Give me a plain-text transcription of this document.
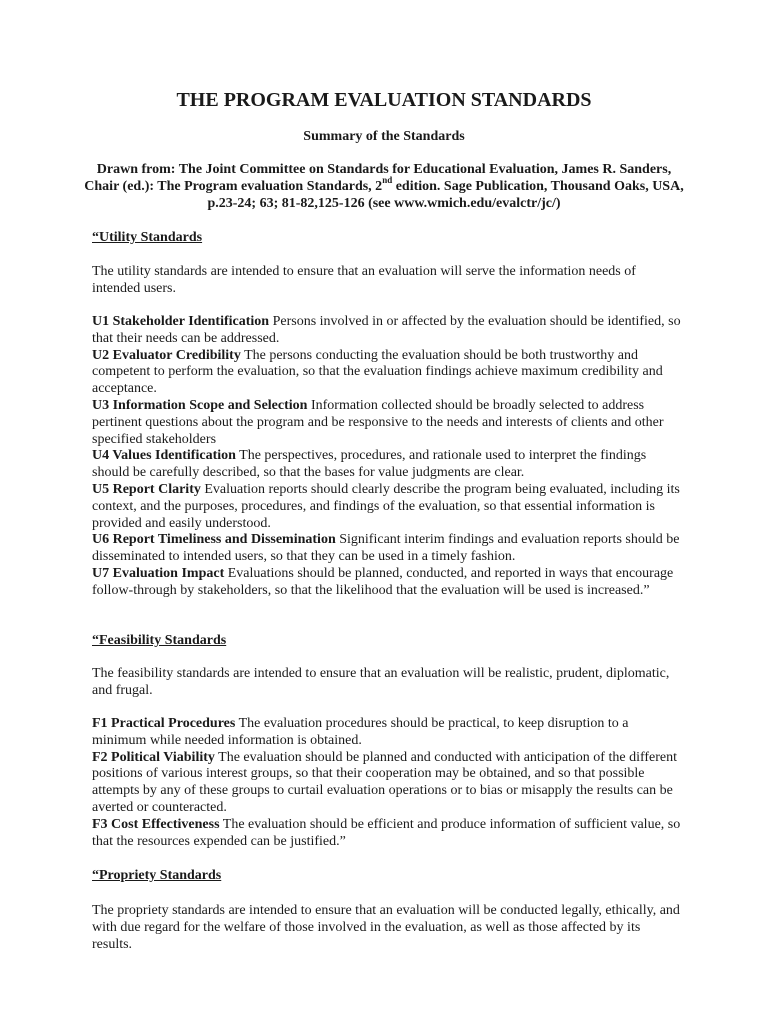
THE PROGRAM EVALUATION STANDARDS
Summary of the Standards
Drawn from: The Joint Committee on Standards for Educational Evaluation, James R. Sanders, Chair (ed.): The Program evaluation Standards, 2nd edition. Sage Publication, Thousand Oaks, USA, p.23-24; 63; 81-82,125-126 (see www.wmich.edu/evalctr/jc/)
“Utility Standards
The utility standards are intended to ensure that an evaluation will serve the information needs of intended users.

U1 Stakeholder Identification Persons involved in or affected by the evaluation should be identified, so that their needs can be addressed.

U2 Evaluator Credibility The persons conducting the evaluation should be both trustworthy and competent to perform the evaluation, so that the evaluation findings achieve maximum credibility and acceptance.

U3 Information Scope and Selection Information collected should be broadly selected to address pertinent questions about the program and be responsive to the needs and interests of clients and other specified stakeholders

U4 Values Identification The perspectives, procedures, and rationale used to interpret the findings should be carefully described, so that the bases for value judgments are clear.

U5 Report Clarity Evaluation reports should clearly describe the program being evaluated, including its context, and the purposes, procedures, and findings of the evaluation, so that essential information is provided and easily understood.

U6 Report Timeliness and Dissemination Significant interim findings and evaluation reports should be disseminated to intended users, so that they can be used in a timely fashion.

U7 Evaluation Impact Evaluations should be planned, conducted, and reported in ways that encourage follow-through by stakeholders, so that the likelihood that the evaluation will be used is increased.”

“Feasibility Standards
The feasibility standards are intended to ensure that an evaluation will be realistic, prudent, diplomatic, and frugal.

F1 Practical Procedures The evaluation procedures should be practical, to keep disruption to a minimum while needed information is obtained.

F2 Political Viability The evaluation should be planned and conducted with anticipation of the different positions of various interest groups, so that their cooperation may be obtained, and so that possible attempts by any of these groups to curtail evaluation operations or to bias or misapply the results can be averted or counteracted.

F3 Cost Effectiveness The evaluation should be efficient and produce information of sufficient value, so that the resources expended can be justified.”

“Propriety Standards
The propriety standards are intended to ensure that an evaluation will be conducted legally, ethically, and with due regard for the welfare of those involved in the evaluation, as well as those affected by its results.
